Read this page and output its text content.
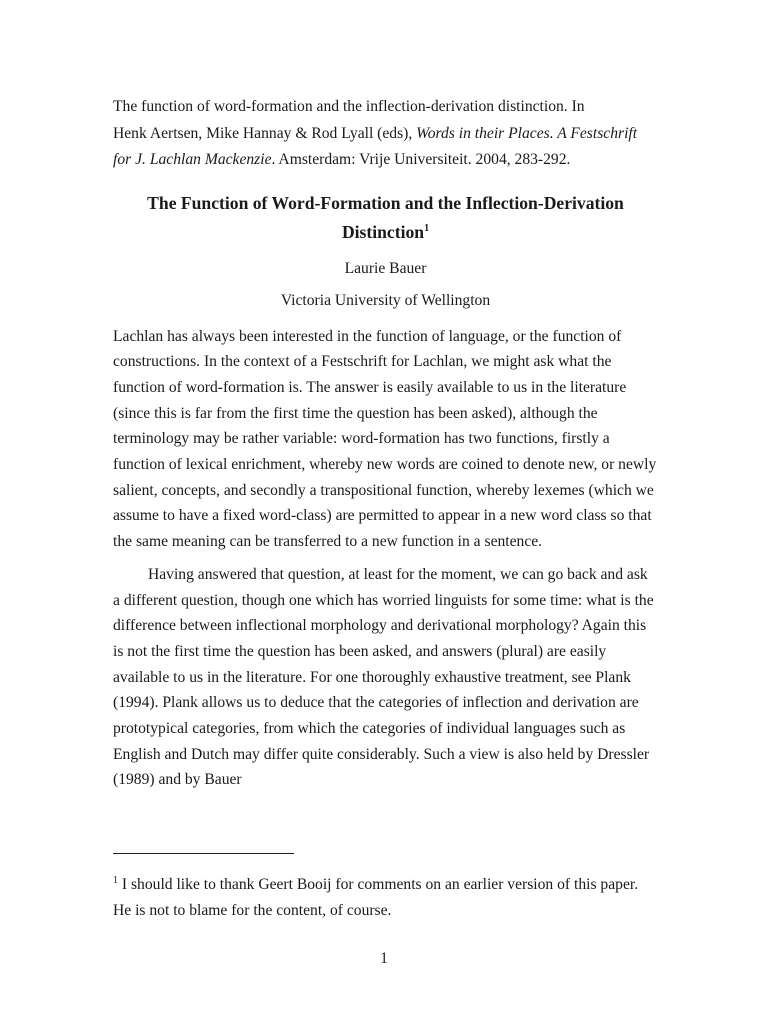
The function of word-formation and the inflection-derivation distinction. In
Henk Aertsen, Mike Hannay & Rod Lyall (eds), Words in their Places. A Festschrift
for J. Lachlan Mackenzie. Amsterdam: Vrije Universiteit. 2004, 283-292.

The Function of Word-Formation and the Inflection-Derivation
Distinction$^1$

Laurie Bauer

Victoria University of Wellington

Lachlan has always been interested in the function of language, or the function of constructions. In the context of a Festschrift for Lachlan, we might ask what the function of word-formation is. The answer is easily available to us in the literature (since this is far from the first time the question has been asked), although the terminology may be rather variable: word-formation has two functions, firstly a function of lexical enrichment, whereby new words are coined to denote new, or newly salient, concepts, and secondly a transpositional function, whereby lexemes (which we assume to have a fixed word-class) are permitted to appear in a new word class so that the same meaning can be transferred to a new function in a sentence.

Having answered that question, at least for the moment, we can go back and ask a different question, though one which has worried linguists for some time: what is the difference between inflectional morphology and derivational morphology? Again this is not the first time the question has been asked, and answers (plural) are easily available to us in the literature. For one thoroughly exhaustive treatment, see Plank (1994). Plank allows us to deduce that the categories of inflection and derivation are prototypical categories, from which the categories of individual languages such as English and Dutch may differ quite considerably. Such a view is also held by Dressler (1989) and by Bauer

$^1$ I should like to thank Geert Booij for comments on an earlier version of this paper. He is not to blame for the content, of course.

1
